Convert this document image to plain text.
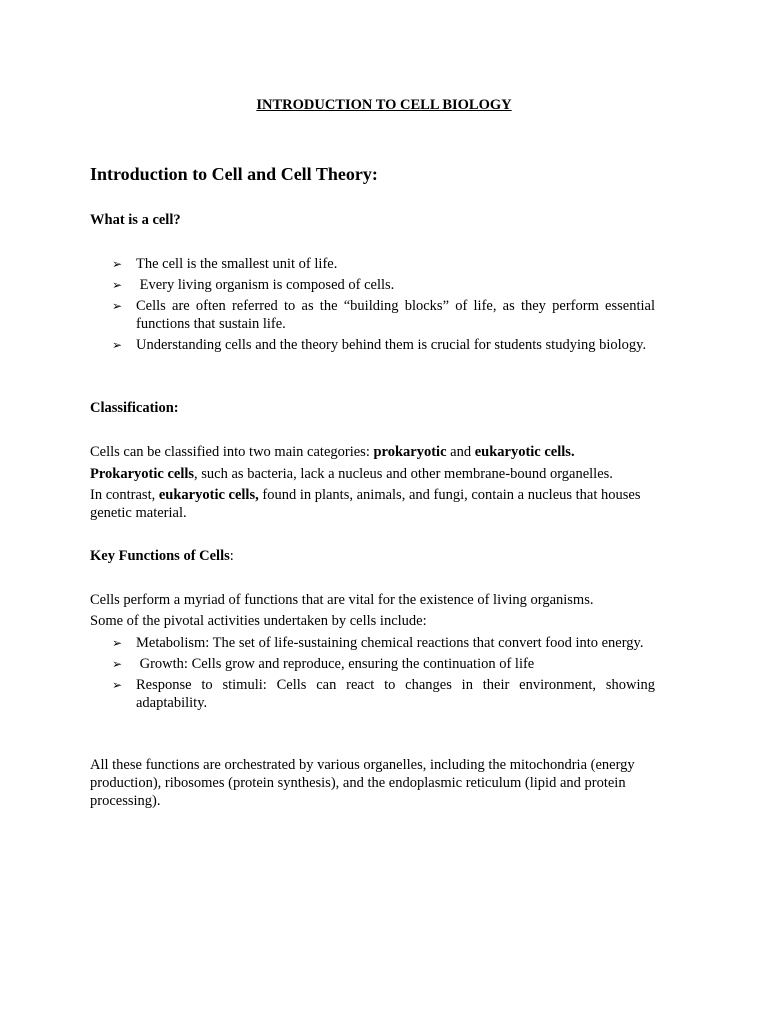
INTRODUCTION TO CELL BIOLOGY
Introduction to Cell and Cell Theory:
What is a cell?
➢ The cell is the smallest unit of life.
➢ Every living organism is composed of cells.
➢ Cells are often referred to as the “building blocks” of life, as they perform essential functions that sustain life.
➢ Understanding cells and the theory behind them is crucial for students studying biology.
Classification:
Cells can be classified into two main categories: prokaryotic and eukaryotic cells.
Prokaryotic cells, such as bacteria, lack a nucleus and other membrane-bound organelles.
In contrast, eukaryotic cells, found in plants, animals, and fungi, contain a nucleus that houses genetic material.
Key Functions of Cells:
Cells perform a myriad of functions that are vital for the existence of living organisms.
Some of the pivotal activities undertaken by cells include:
➢ Metabolism: The set of life-sustaining chemical reactions that convert food into energy.
➢ Growth: Cells grow and reproduce, ensuring the continuation of life
➢ Response to stimuli: Cells can react to changes in their environment, showing adaptability.
All these functions are orchestrated by various organelles, including the mitochondria (energy production), ribosomes (protein synthesis), and the endoplasmic reticulum (lipid and protein processing).
